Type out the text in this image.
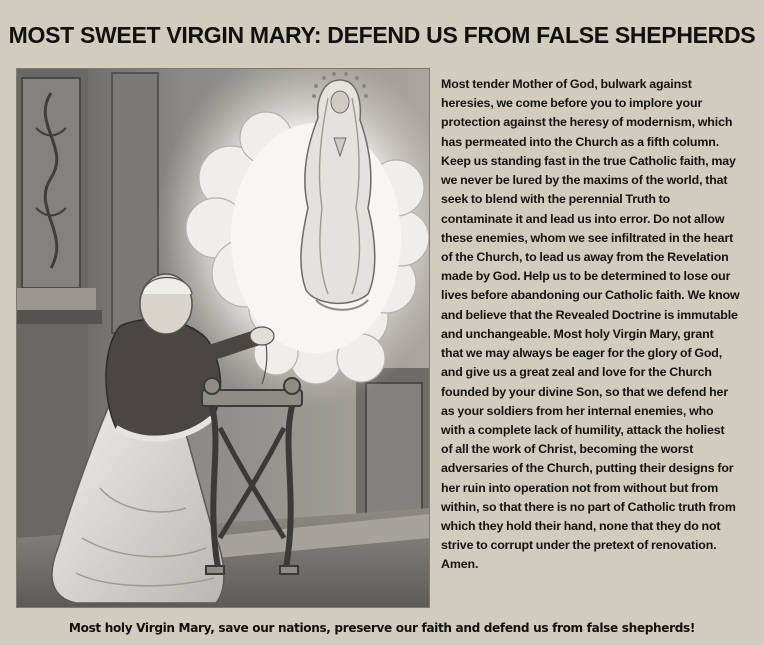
MOST SWEET VIRGIN MARY: DEFEND US FROM FALSE SHEPHERDS
Most tender Mother of God, bulwark against
heresies, we come before you to implore your
protection against the heresy of modernism, which
has permeated into the Church as a fifth column.
Keep us standing fast in the true Catholic faith, may
we never be lured by the maxims of the world, that
seek to blend with the perennial Truth to
contaminate it and lead us into error. Do not allow
these enemies, whom we see infiltrated in the heart
of the Church, to lead us away from the Revelation
made by God. Help us to be determined to lose our
lives before abandoning our Catholic faith. We know
and believe that the Revealed Doctrine is immutable
and unchangeable. Most holy Virgin Mary, grant
that we may always be eager for the glory of God,
and give us a great zeal and love for the Church
founded by your divine Son, so that we defend her
as your soldiers from her internal enemies, who
with a complete lack of humility, attack the holiest
of all the work of Christ, becoming the worst
adversaries of the Church, putting their designs for
her ruin into operation not from without but from
within, so that there is no part of Catholic truth from
which they hold their hand, none that they do not
strive to corrupt under the pretext of renovation.
Amen.
Most holy Virgin Mary, save our nations, preserve our faith and defend us from false shepherds!
